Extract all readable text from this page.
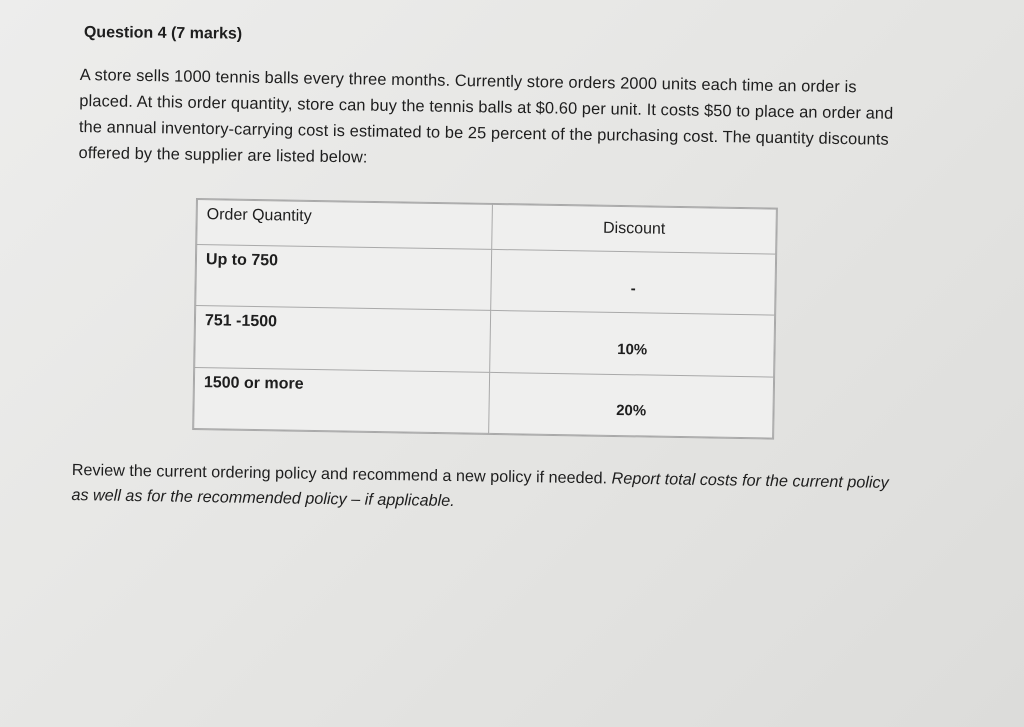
Question 4 (7 marks)
A store sells 1000 tennis balls every three months. Currently store orders 2000 units each time an order is placed. At this order quantity, store can buy the tennis balls at $0.60 per unit. It costs $50 to place an order and the annual inventory-carrying cost is estimated to be 25 percent of the purchasing cost. The quantity discounts offered by the supplier are listed below:
Order Quantity	Discount
Up to 750	-
751 -1500	10%
1500 or more	20%
Review the current ordering policy and recommend a new policy if needed. Report total costs for the current policy as well as for the recommended policy – if applicable.
